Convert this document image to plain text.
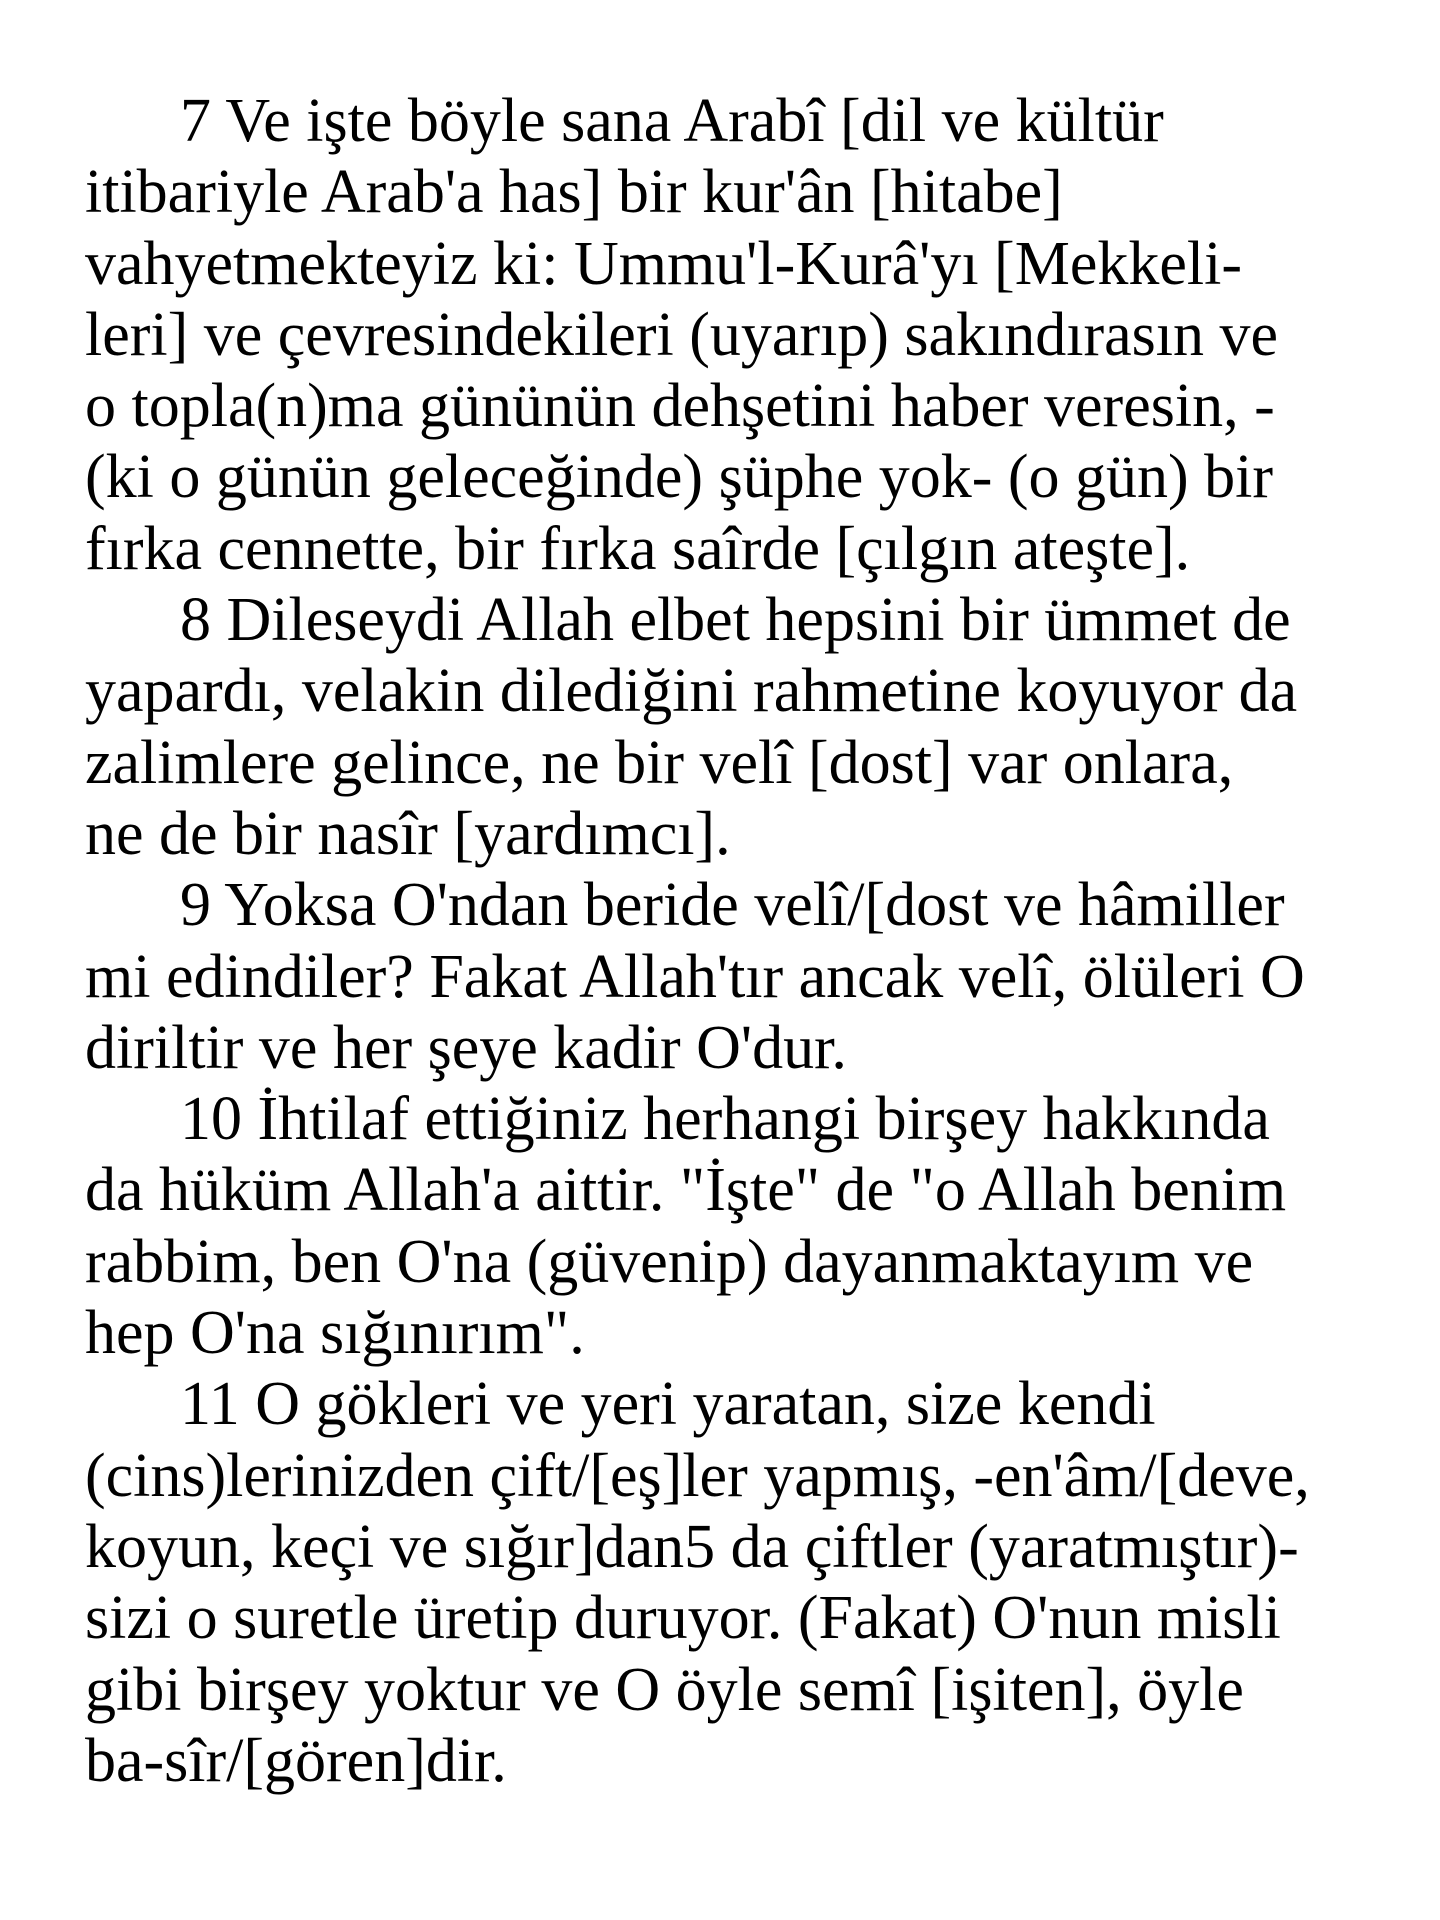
7 Ve işte böyle sana Arabî [dil ve kültür
itibariyle Arab'a has] bir kur'ân [hitabe]
vahyetmekteyiz ki: Ummu'l-Kurâ'yı [Mekkeli-
leri] ve çevresindekileri (uyarıp) sakındırasın ve
o topla(n)ma gününün dehşetini haber veresin, -
(ki o günün geleceğinde) şüphe yok- (o gün) bir
fırka cennette, bir fırka saîrde [çılgın ateşte].
8 Dileseydi Allah elbet hepsini bir ümmet de
yapardı, velakin dilediğini rahmetine koyuyor da
zalimlere gelince, ne bir velî [dost] var onlara,
ne de bir nasîr [yardımcı].
9 Yoksa O'ndan beride velî/[dost ve hâmiller
mi edindiler? Fakat Allah'tır ancak velî, ölüleri O
diriltir ve her şeye kadir O'dur.
10 İhtilaf ettiğiniz herhangi birşey hakkında
da hüküm Allah'a aittir. "İşte" de "o Allah benim
rabbim, ben O'na (güvenip) dayanmaktayım ve
hep O'na sığınırım".
11 O gökleri ve yeri yaratan, size kendi
(cins)lerinizden çift/[eş]ler yapmış, -en'âm/[deve,
koyun, keçi ve sığır]dan5 da çiftler (yaratmıştır)-
sizi o suretle üretip duruyor. (Fakat) O'nun misli
gibi birşey yoktur ve O öyle semî [işiten], öyle
ba-sîr/[gören]dir.
